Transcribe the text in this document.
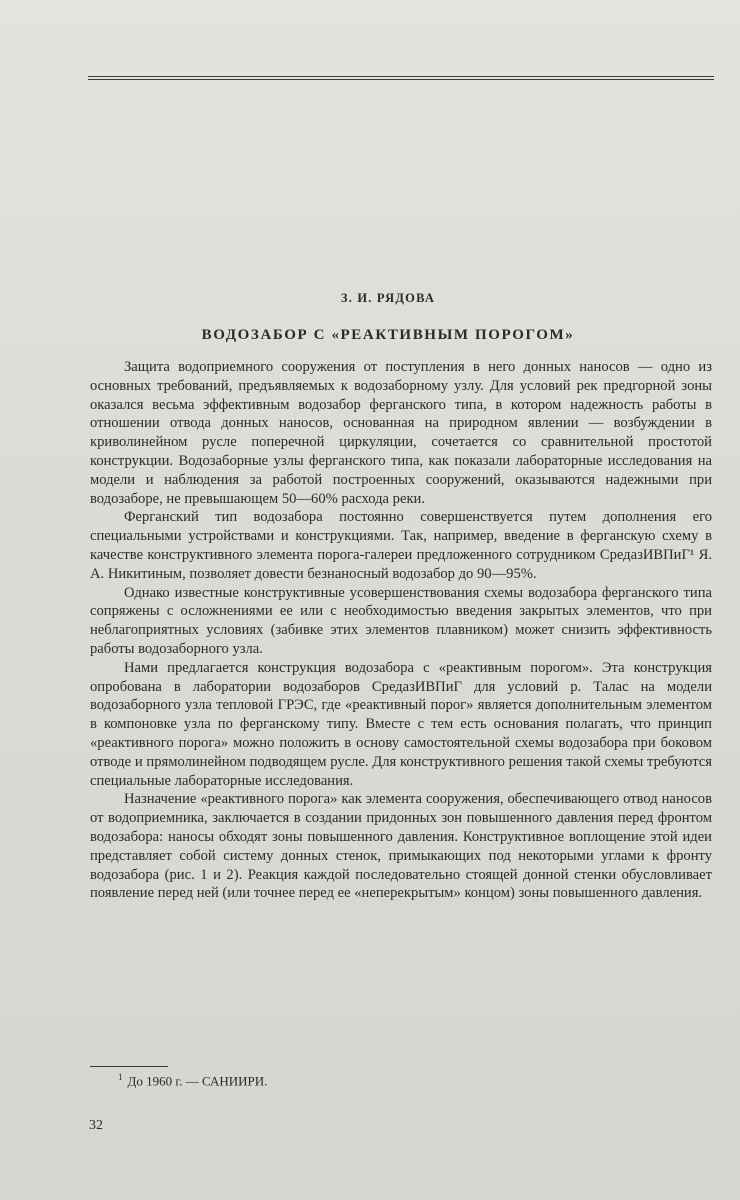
З. И. РЯДОВА
ВОДОЗАБОР С «РЕАКТИВНЫМ ПОРОГОМ»

Защита водоприемного сооружения от поступления в него донных наносов — одно из основных требований, предъявляемых к водозаборному узлу. Для условий рек предгорной зоны оказался весьма эффективным водозабор ферганского типа, в котором надежность работы в отношении отвода донных наносов, основанная на природном явлении — возбуждении в криволинейном русле поперечной циркуляции, сочетается со сравнительной простотой конструкции. Водозаборные узлы ферганского типа, как показали лабораторные исследования на модели и наблюдения за работой построенных сооружений, оказываются надежными при водозаборе, не превышающем 50—60% расхода реки.

Ферганский тип водозабора постоянно совершенствуется путем дополнения его специальными устройствами и конструкциями. Так, например, введение в ферганскую схему в качестве конструктивного элемента порога-галереи предложенного сотрудником СредазИВПиГ¹ Я. А. Никитиным, позволяет довести безнаносный водозабор до 90—95%.

Однако известные конструктивные усовершенствования схемы водозабора ферганского типа сопряжены с осложнениями ее или с необходимостью введения закрытых элементов, что при неблагоприятных условиях (забивке этих элементов плавником) может снизить эффективность работы водозаборного узла.

Нами предлагается конструкция водозабора с «реактивным порогом». Эта конструкция опробована в лаборатории водозаборов СредазИВПиГ для условий р. Талас на модели водозаборного узла тепловой ГРЭС, где «реактивный порог» является дополнительным элементом в компоновке узла по ферганскому типу. Вместе с тем есть основания полагать, что принцип «реактивного порога» можно положить в основу самостоятельной схемы водозабора при боковом отводе и прямолинейном подводящем русле. Для конструктивного решения такой схемы требуются специальные лабораторные исследования.

Назначение «реактивного порога» как элемента сооружения, обеспечивающего отвод наносов от водоприемника, заключается в создании придонных зон повышенного давления перед фронтом водозабора: наносы обходят зоны повышенного давления. Конструктивное воплощение этой идеи представляет собой систему донных стенок, примыкающих под некоторыми углами к фронту водозабора (рис. 1 и 2). Реакция каждой последовательно стоящей донной стенки обусловливает появление перед ней (или точнее перед ее «неперекрытым» концом) зоны повышенного давления.

$^1$ До 1960 г. — САНИИРИ.
32
